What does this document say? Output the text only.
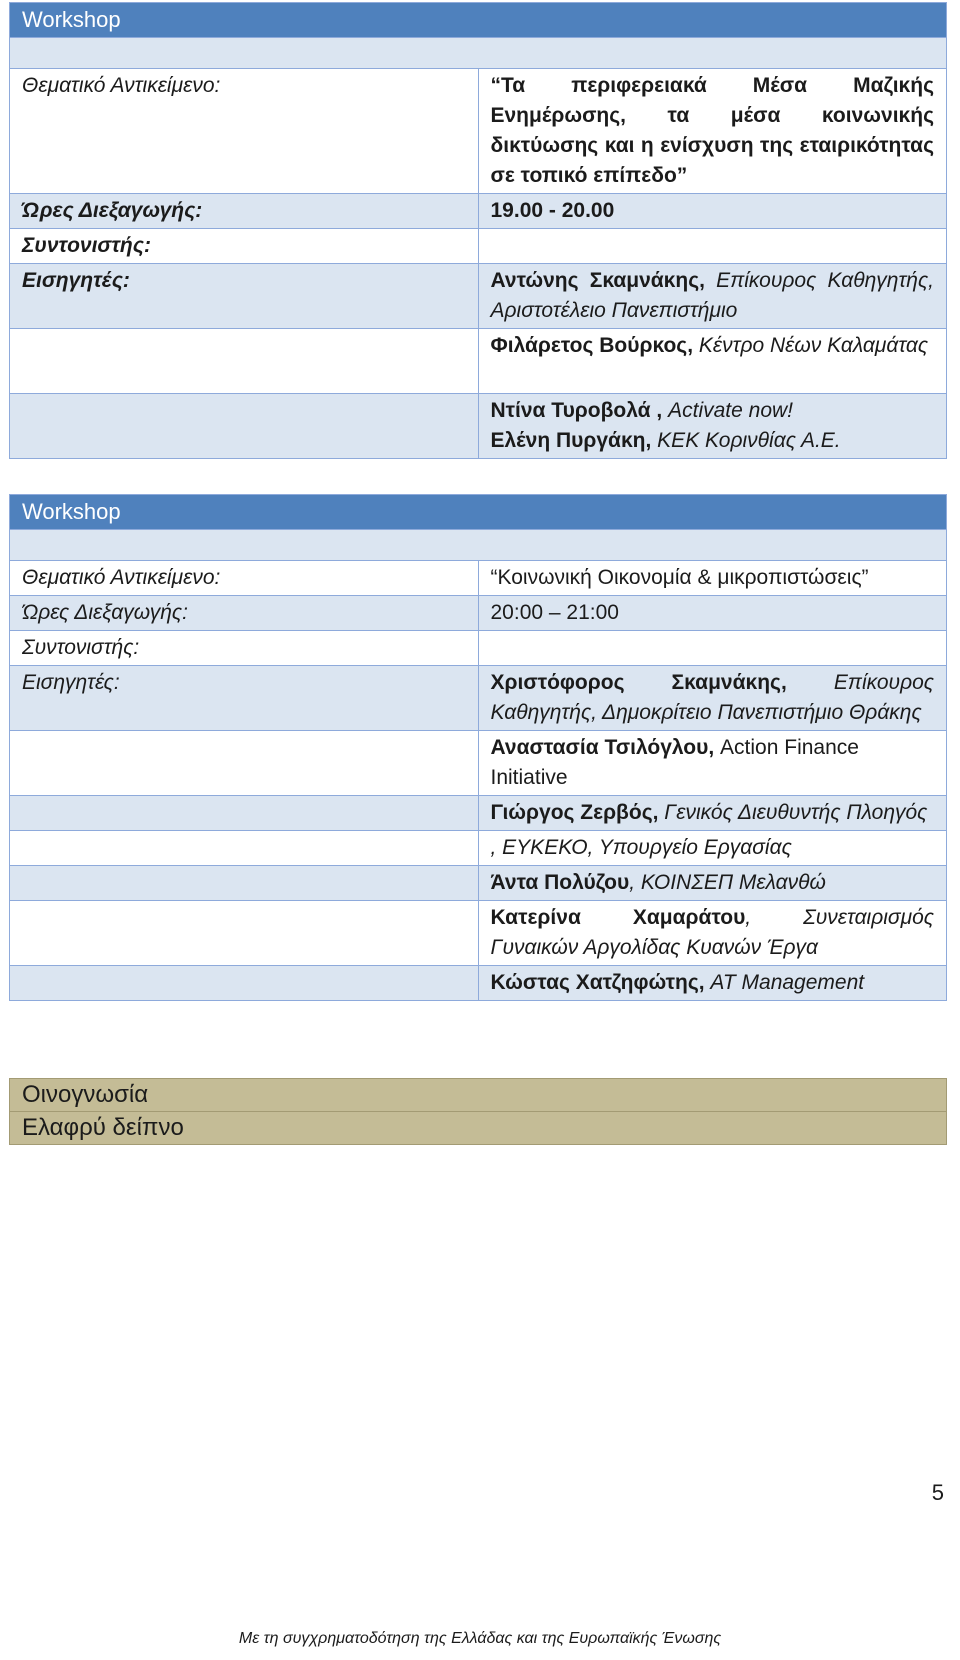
Workshop	

Θεματικό Αντικείμενο:	“Τα περιφερειακά Μέσα Μαζικής Ενημέρωσης, τα μέσα κοινωνικής δικτύωσης και η ενίσχυση της εταιρικότητας σε τοπικό επίπεδο”
Ώρες Διεξαγωγής:	19.00 - 20.00
Συντονιστής:	
Εισηγητές:	Αντώνης Σκαμνάκης, Επίκουρος Καθηγητής, Αριστοτέλειο Πανεπιστήμιο
	Φιλάρετος Βούρκος, Κέντρο Νέων Καλαμάτας

	Ντίνα Τυροβολά , Activate now!
Ελένη Πυργάκη, ΚΕΚ Κορινθίας Α.Ε.
Workshop	

Θεματικό Αντικείμενο:	“Κοινωνική Οικονομία & μικροπιστώσεις”
Ώρες Διεξαγωγής:	20:00 – 21:00
Συντονιστής:	
Εισηγητές:	Χριστόφορος Σκαμνάκης, Επίκουρος Καθηγητής, Δημοκρίτειο Πανεπιστήμιο Θράκης
	Αναστασία Τσιλόγλου, Action Finance Initiative
	Γιώργος Ζερβός, Γενικός Διευθυντής Πλοηγός
	, ΕΥΚΕΚΟ, Υπουργείο Εργασίας
	Άντα Πολύζου, ΚΟΙΝΣΕΠ Μελανθώ
	Κατερίνα Χαμαράτου, Συνεταιρισμός Γυναικών Αργολίδας Κυανών Έργα
	Κώστας Χατζηφώτης, AT Management
Οινογνωσία
Ελαφρύ δείπνο
5
Με τη συγχρηματοδότηση της Ελλάδας και της Ευρωπαϊκής Ένωσης
